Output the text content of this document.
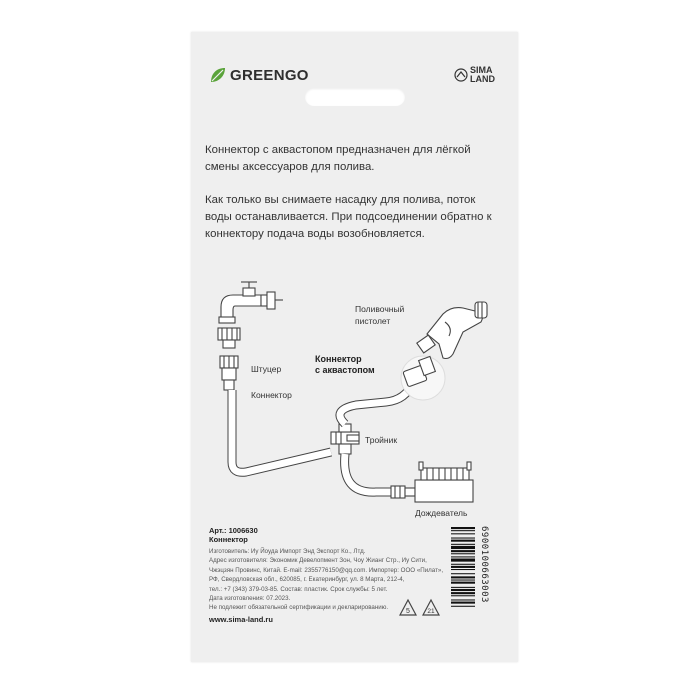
GREENGO	SIMA
LAND
Коннектор с аквастопом предназначен для лёгкой смены аксессуаров для полива.
Как только вы снимаете насадку для полива, поток воды останавливается. При подсоединении обратно к коннектору подача воды возобновляется.
Поливочный
пистолет
Коннектор
с аквастопом
Штуцер
Коннектор
Тройник
Дождеватель
Арт.: 1006630
Коннектор
Изготовитель: Иу Йоуда Импорт Энд Экспорт Ко., Лтд.
Адрес изготовителя: Экономик Девелопмент Зон, Чоу Жианг Стр., Иу Сити,
Чжэцзян Провинс, Китай. E-mail: 2355776150@qq.com. Импортер: ООО «Пилат»,
РФ, Свердловская обл., 620085, г. Екатеринбург, ул. 8 Марта, 212-4,
тел.: +7 (343) 379-03-85. Состав: пластик. Срок службы: 5 лет.
Дата изготовления: 07.2023.
Не подлежит обязательной сертификации и декларированию.
www.sima-land.ru
6900100663003
5	21
